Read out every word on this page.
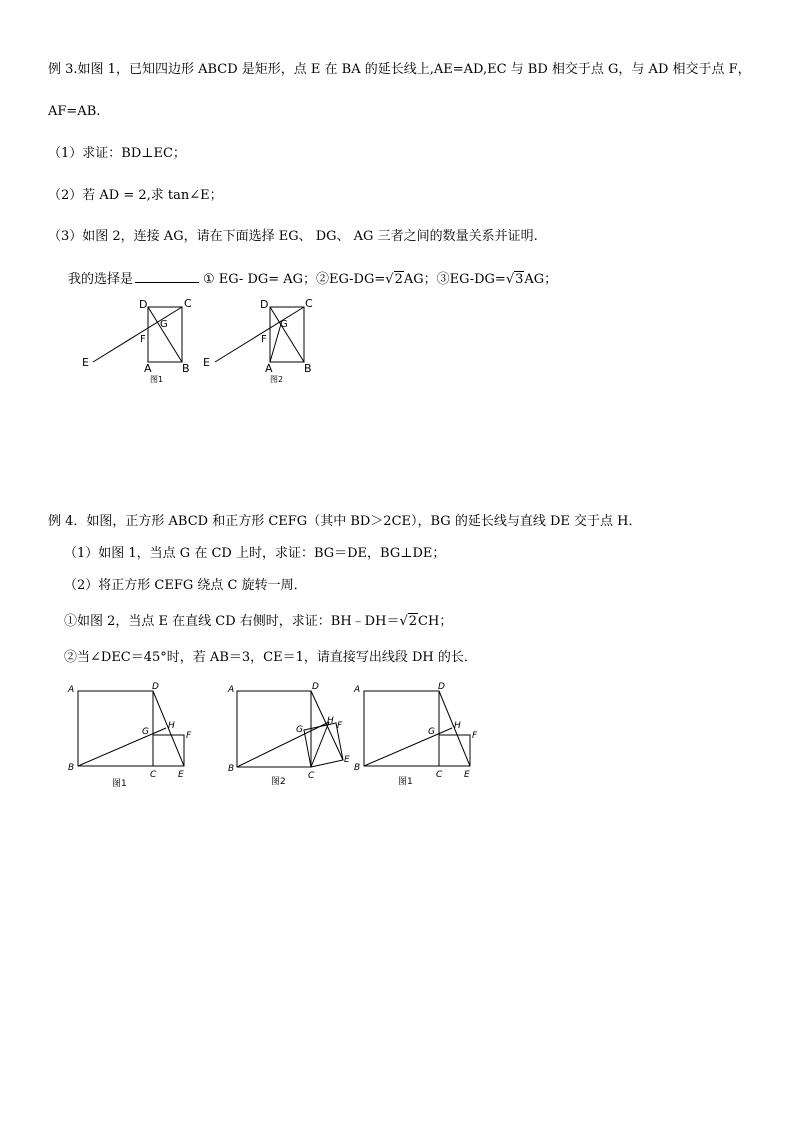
例 3.如图 1，已知四边形 ABCD 是矩形，点 E 在 BA 的延长线上,AE=AD,EC 与 BD 相交于点 G，与 AD 相交于点 F，
AF=AB.
（1）求证：BD⊥EC；
（2）若 AD = 2,求 tan∠E；
（3）如图 2，连接 AG，请在下面选择 EG、 DG、 AG 三者之间的数量关系并证明.
我的选择是	① EG- DG= AG；②EG-DG=√2AG；③EG-DG=√3AG；
D	C
G
F
E	A	B
图1
D	C
G
F
E	A	B
图2
例 4．如图，正方形 ABCD 和正方形 CEFG（其中 BD＞2CE），BG 的延长线与直线 DE 交于点 H．
（1）如图 1，当点 G 在 CD 上时，求证：BG＝DE，BG⊥DE；
（2）将正方形 CEFG 绕点 C 旋转一周．
①如图 2，当点 E 在直线 CD 右侧时，求证：BH﹣DH＝√2CH；
②当∠DEC＝45°时，若 AB＝3，CE＝1，请直接写出线段 DH 的长．
A	D
G
H
F
B
C E
图1
A	D
G
H F
B
C
E
图2
A	D
G
H
F
B
C E
图1
